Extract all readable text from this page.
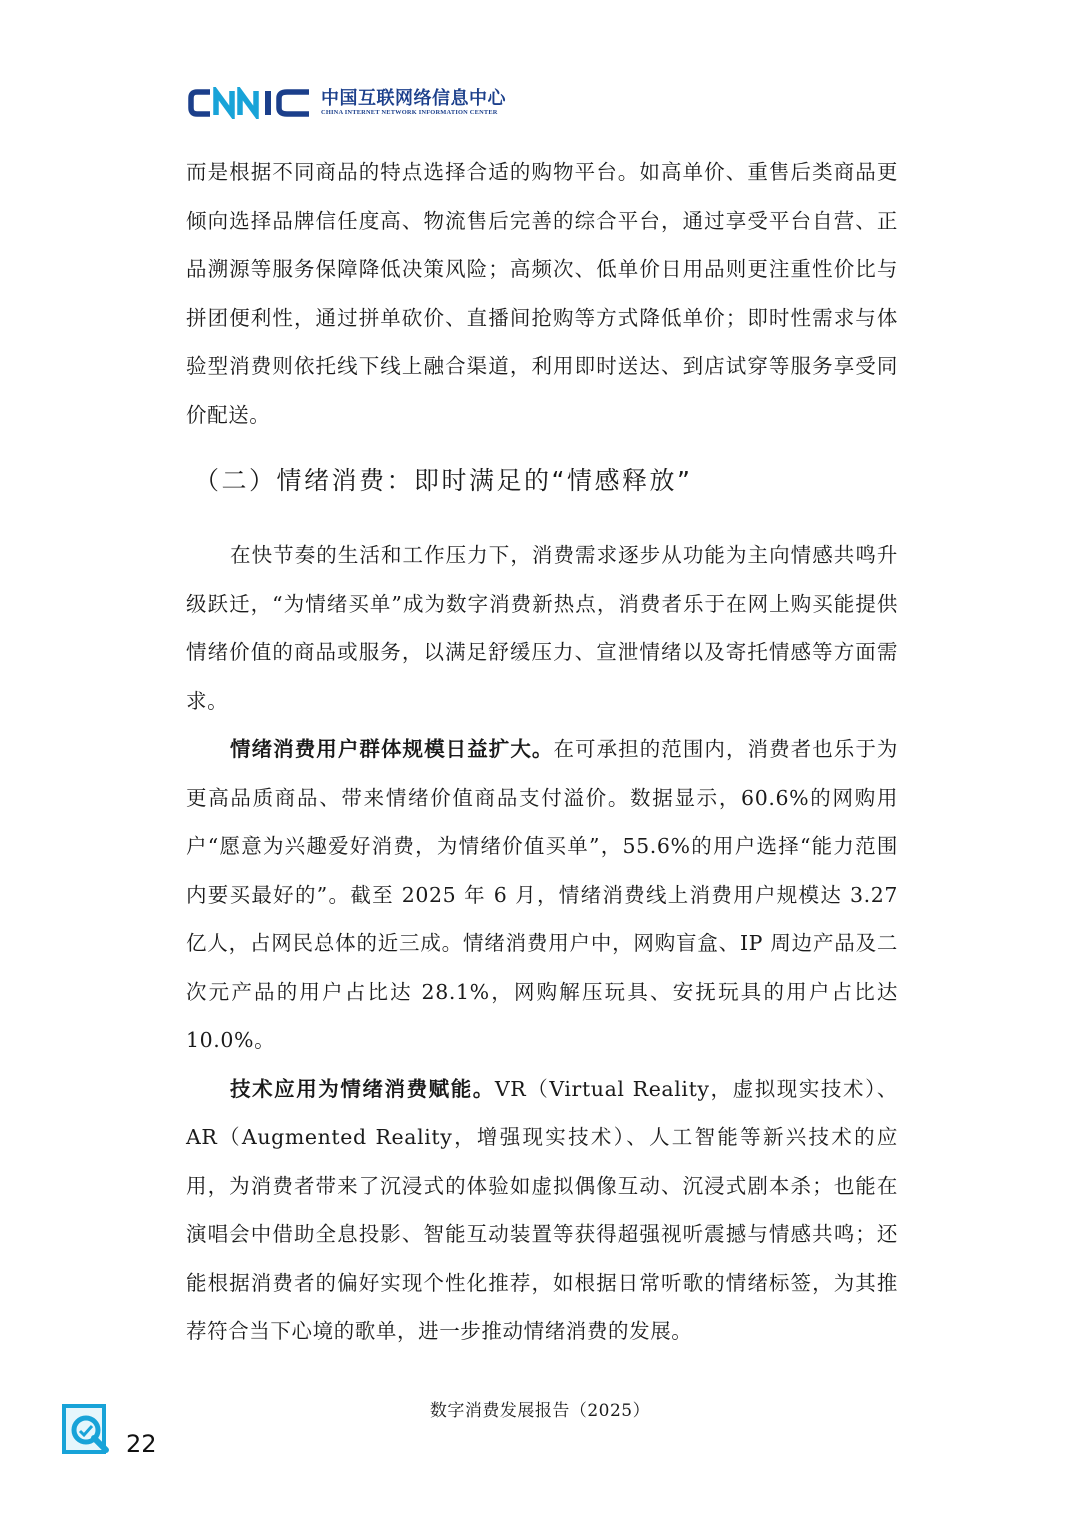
中国互联网络信息中心
CHINA INTERNET NETWORK INFORMATION CENTER

而是根据不同商品的特点选择合适的购物平台。如高单价、重售后类商品更倾向选择品牌信任度高、物流售后完善的综合平台，通过享受平台自营、正品溯源等服务保障降低决策风险；高频次、低单价日用品则更注重性价比与拼团便利性，通过拼单砍价、直播间抢购等方式降低单价；即时性需求与体验型消费则依托线下线上融合渠道，利用即时送达、到店试穿等服务享受同价配送。

（二）情绪消费：即时满足的“情感释放”

在快节奏的生活和工作压力下，消费需求逐步从功能为主向情感共鸣升级跃迁，“为情绪买单”成为数字消费新热点，消费者乐于在网上购买能提供情绪价值的商品或服务，以满足舒缓压力、宣泄情绪以及寄托情感等方面需求。

情绪消费用户群体规模日益扩大。在可承担的范围内，消费者也乐于为更高品质商品、带来情绪价值商品支付溢价。数据显示，60.6%的网购用户“愿意为兴趣爱好消费，为情绪价值买单”，55.6%的用户选择“能力范围内要买最好的”。截至 2025 年 6 月，情绪消费线上消费用户规模达 3.27 亿人，占网民总体的近三成。情绪消费用户中，网购盲盒、IP 周边产品及二次元产品的用户占比达 28.1%，网购解压玩具、安抚玩具的用户占比达 10.0%。

技术应用为情绪消费赋能。VR（Virtual Reality，虚拟现实技术）、AR（Augmented Reality，增强现实技术）、人工智能等新兴技术的应用，为消费者带来了沉浸式的体验如虚拟偶像互动、沉浸式剧本杀；也能在演唱会中借助全息投影、智能互动装置等获得超强视听震撼与情感共鸣；还能根据消费者的偏好实现个性化推荐，如根据日常听歌的情绪标签，为其推荐符合当下心境的歌单，进一步推动情绪消费的发展。

数字消费发展报告（2025）
22
